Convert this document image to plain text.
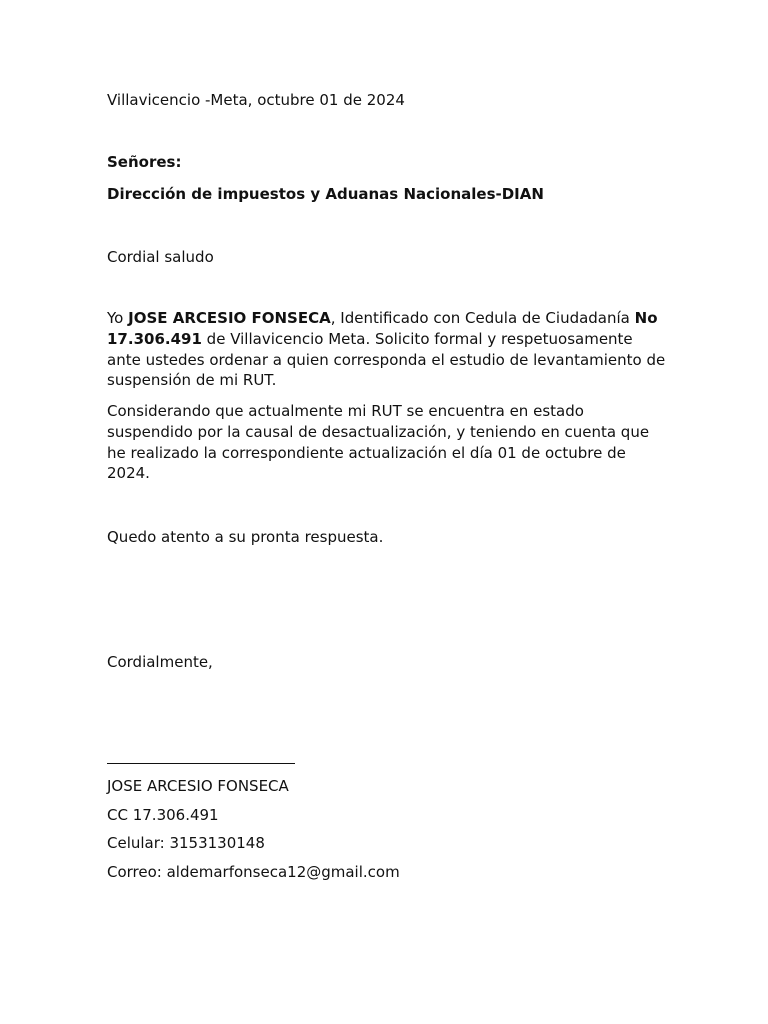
Villavicencio -Meta, octubre 01 de 2024
Señores:
Dirección de impuestos y Aduanas Nacionales-DIAN
Cordial saludo

Yo JOSE ARCESIO FONSECA, Identificado con Cedula de Ciudadanía No 17.306.491 de Villavicencio Meta. Solicito formal y respetuosamente ante ustedes ordenar a quien corresponda el estudio de levantamiento de suspensión de mi RUT.

Considerando que actualmente mi RUT se encuentra en estado suspendido por la causal de desactualización, y teniendo en cuenta que he realizado la correspondiente actualización el día 01 de octubre de 2024.

Quedo atento a su pronta respuesta.
Cordialmente,
JOSE ARCESIO FONSECA
CC 17.306.491
Celular: 3153130148
Correo: aldemarfonseca12@gmail.com
